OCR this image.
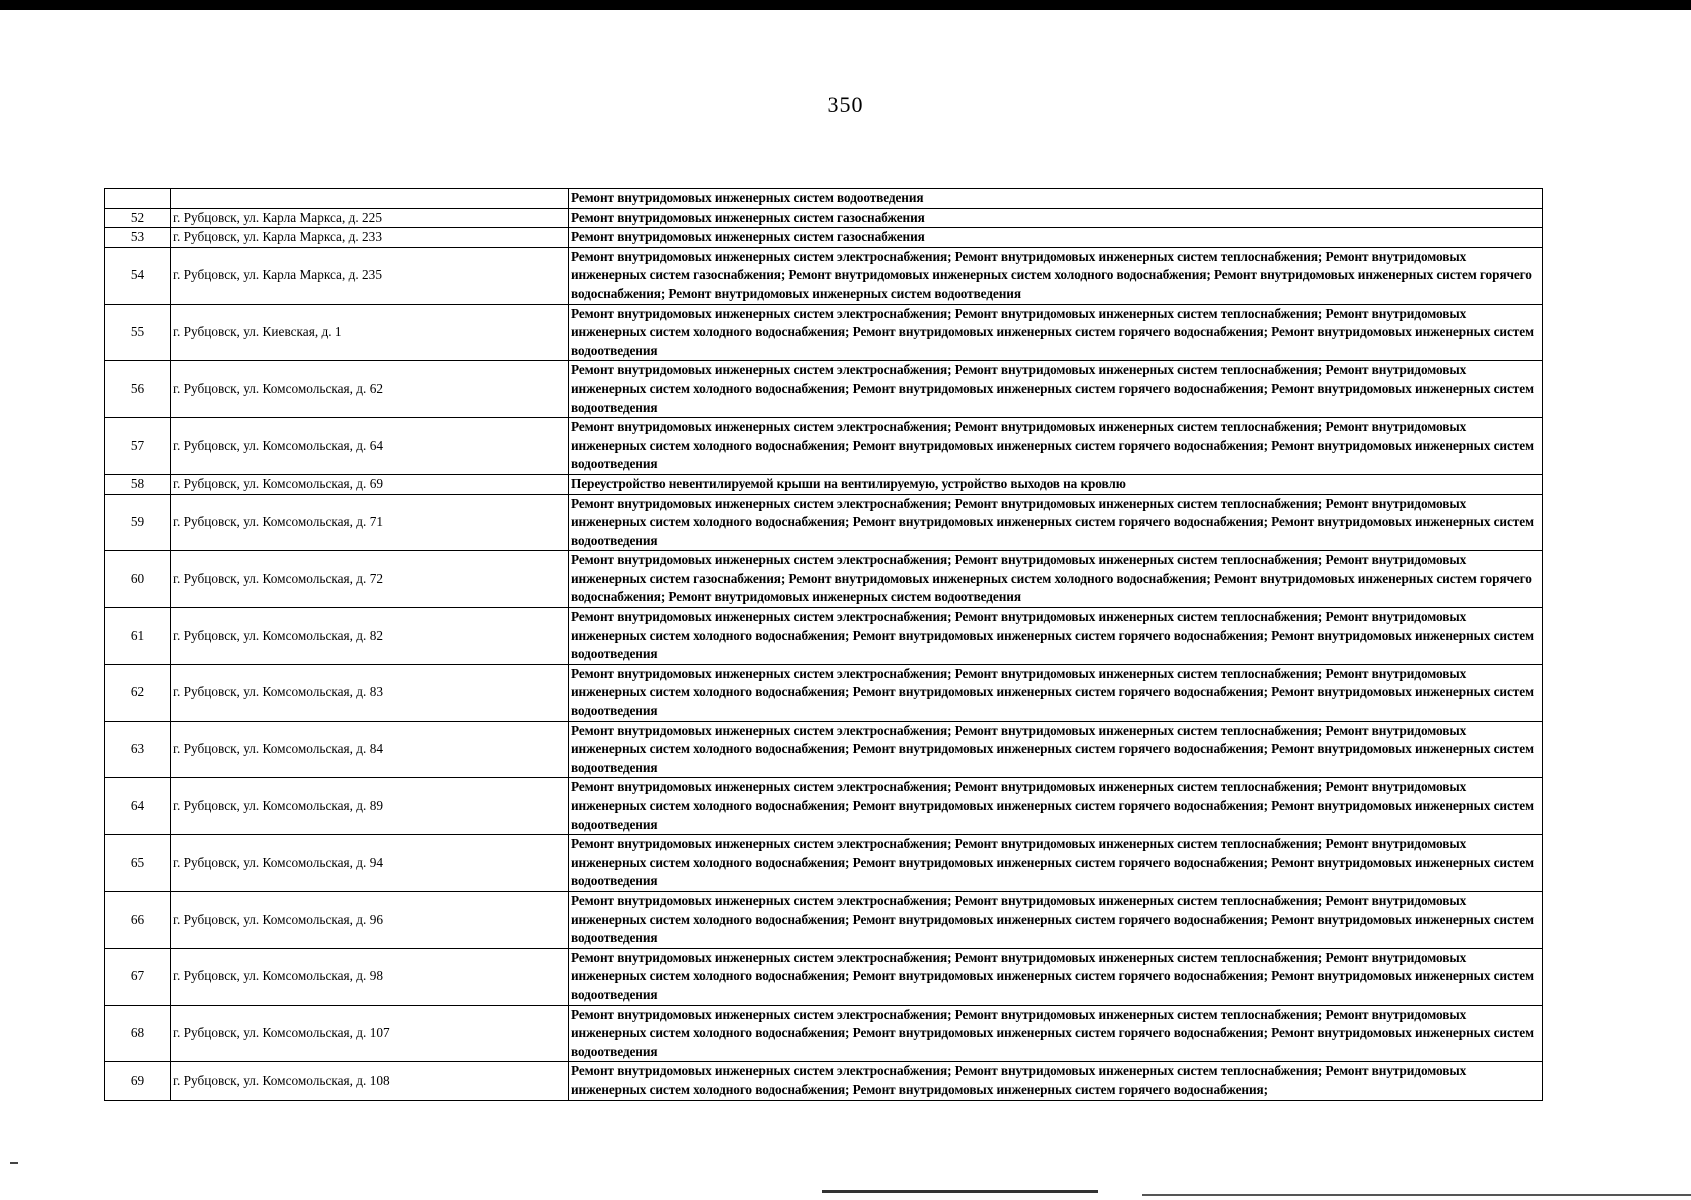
350
		Ремонт внутридомовых инженерных систем водоотведения
52	г. Рубцовск, ул. Карла Маркса, д. 225	Ремонт внутридомовых инженерных систем газоснабжения
53	г. Рубцовск, ул. Карла Маркса, д. 233	Ремонт внутридомовых инженерных систем газоснабжения
54	г. Рубцовск, ул. Карла Маркса, д. 235	Ремонт внутридомовых инженерных систем электроснабжения; Ремонт внутридомовых инженерных систем теплоснабжения; Ремонт внутридомовых инженерных систем газоснабжения; Ремонт внутридомовых инженерных систем холодного водоснабжения; Ремонт внутридомовых инженерных систем горячего водоснабжения; Ремонт внутридомовых инженерных систем водоотведения
55	г. Рубцовск, ул. Киевская, д. 1	Ремонт внутридомовых инженерных систем электроснабжения; Ремонт внутридомовых инженерных систем теплоснабжения; Ремонт внутридомовых инженерных систем холодного водоснабжения; Ремонт внутридомовых инженерных систем горячего водоснабжения; Ремонт внутридомовых инженерных систем водоотведения
56	г. Рубцовск, ул. Комсомольская, д. 62	Ремонт внутридомовых инженерных систем электроснабжения; Ремонт внутридомовых инженерных систем теплоснабжения; Ремонт внутридомовых инженерных систем холодного водоснабжения; Ремонт внутридомовых инженерных систем горячего водоснабжения; Ремонт внутридомовых инженерных систем водоотведения
57	г. Рубцовск, ул. Комсомольская, д. 64	Ремонт внутридомовых инженерных систем электроснабжения; Ремонт внутридомовых инженерных систем теплоснабжения; Ремонт внутридомовых инженерных систем холодного водоснабжения; Ремонт внутридомовых инженерных систем горячего водоснабжения; Ремонт внутридомовых инженерных систем водоотведения
58	г. Рубцовск, ул. Комсомольская, д. 69	Переустройство невентилируемой крыши на вентилируемую, устройство выходов на кровлю
59	г. Рубцовск, ул. Комсомольская, д. 71	Ремонт внутридомовых инженерных систем электроснабжения; Ремонт внутридомовых инженерных систем теплоснабжения; Ремонт внутридомовых инженерных систем холодного водоснабжения; Ремонт внутридомовых инженерных систем горячего водоснабжения; Ремонт внутридомовых инженерных систем водоотведения
60	г. Рубцовск, ул. Комсомольская, д. 72	Ремонт внутридомовых инженерных систем электроснабжения; Ремонт внутридомовых инженерных систем теплоснабжения; Ремонт внутридомовых инженерных систем газоснабжения; Ремонт внутридомовых инженерных систем холодного водоснабжения; Ремонт внутридомовых инженерных систем горячего водоснабжения; Ремонт внутридомовых инженерных систем водоотведения
61	г. Рубцовск, ул. Комсомольская, д. 82	Ремонт внутридомовых инженерных систем электроснабжения; Ремонт внутридомовых инженерных систем теплоснабжения; Ремонт внутридомовых инженерных систем холодного водоснабжения; Ремонт внутридомовых инженерных систем горячего водоснабжения; Ремонт внутридомовых инженерных систем водоотведения
62	г. Рубцовск, ул. Комсомольская, д. 83	Ремонт внутридомовых инженерных систем электроснабжения; Ремонт внутридомовых инженерных систем теплоснабжения; Ремонт внутридомовых инженерных систем холодного водоснабжения; Ремонт внутридомовых инженерных систем горячего водоснабжения; Ремонт внутридомовых инженерных систем водоотведения
63	г. Рубцовск, ул. Комсомольская, д. 84	Ремонт внутридомовых инженерных систем электроснабжения; Ремонт внутридомовых инженерных систем теплоснабжения; Ремонт внутридомовых инженерных систем холодного водоснабжения; Ремонт внутридомовых инженерных систем горячего водоснабжения; Ремонт внутридомовых инженерных систем водоотведения
64	г. Рубцовск, ул. Комсомольская, д. 89	Ремонт внутридомовых инженерных систем электроснабжения; Ремонт внутридомовых инженерных систем теплоснабжения; Ремонт внутридомовых инженерных систем холодного водоснабжения; Ремонт внутридомовых инженерных систем горячего водоснабжения; Ремонт внутридомовых инженерных систем водоотведения
65	г. Рубцовск, ул. Комсомольская, д. 94	Ремонт внутридомовых инженерных систем электроснабжения; Ремонт внутридомовых инженерных систем теплоснабжения; Ремонт внутридомовых инженерных систем холодного водоснабжения; Ремонт внутридомовых инженерных систем горячего водоснабжения; Ремонт внутридомовых инженерных систем водоотведения
66	г. Рубцовск, ул. Комсомольская, д. 96	Ремонт внутридомовых инженерных систем электроснабжения; Ремонт внутридомовых инженерных систем теплоснабжения; Ремонт внутридомовых инженерных систем холодного водоснабжения; Ремонт внутридомовых инженерных систем горячего водоснабжения; Ремонт внутридомовых инженерных систем водоотведения
67	г. Рубцовск, ул. Комсомольская, д. 98	Ремонт внутридомовых инженерных систем электроснабжения; Ремонт внутридомовых инженерных систем теплоснабжения; Ремонт внутридомовых инженерных систем холодного водоснабжения; Ремонт внутридомовых инженерных систем горячего водоснабжения; Ремонт внутридомовых инженерных систем водоотведения
68	г. Рубцовск, ул. Комсомольская, д. 107	Ремонт внутридомовых инженерных систем электроснабжения; Ремонт внутридомовых инженерных систем теплоснабжения; Ремонт внутридомовых инженерных систем холодного водоснабжения; Ремонт внутридомовых инженерных систем горячего водоснабжения; Ремонт внутридомовых инженерных систем водоотведения
69	г. Рубцовск, ул. Комсомольская, д. 108	Ремонт внутридомовых инженерных систем электроснабжения; Ремонт внутридомовых инженерных систем теплоснабжения; Ремонт внутридомовых инженерных систем холодного водоснабжения; Ремонт внутридомовых инженерных систем горячего водоснабжения;
